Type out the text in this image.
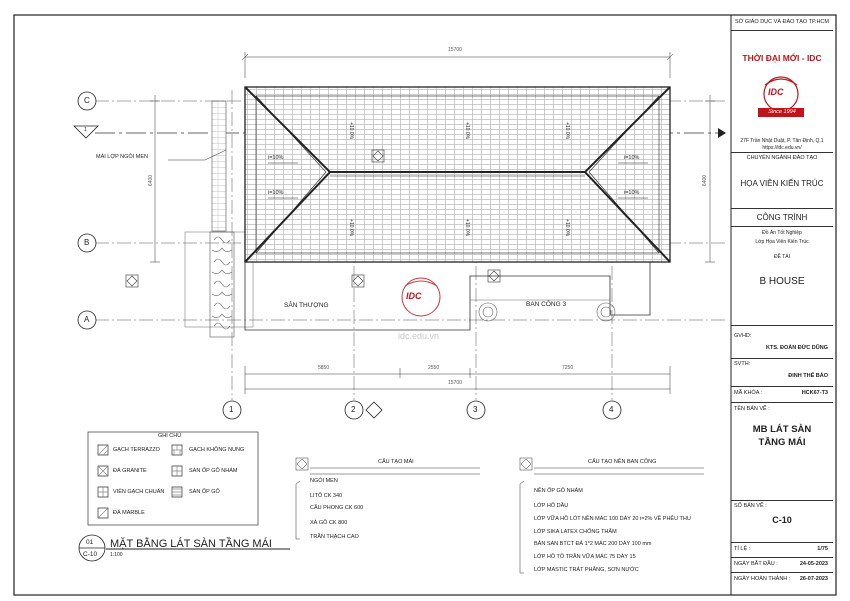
15700
5850	2550	7250
15700
6400	6400
C
B
A
1	2	3	4
1
MÁI LỢP NGÓI MEN	i=10%
i=10%
i=10%
i=10%
+10.0%	+10.0%	+10.0%
+10.0%	+10.0%	+10.0%
SÂN THƯỢNG	BAN CÔNG 3
idc.edu.vn
IDC
GHI CHÚ
GẠCH TERRAZZO	GẠCH KHÔNG NUNG
ĐÁ GRANITE	SÀN ỐP GỖ NHÁM
VIÊN GẠCH CHUẨN	SÀN ỐP GỖ
ĐÁ MARBLE
01
C-10
MẶT BẰNG LÁT SÀN TẦNG MÁI
1:100
CẤU TẠO MÁI
NGÓI MEN
LITÔ CK 340
CẦU PHONG CK 600
XÀ GỒ CK 800
TRẦN THẠCH CAO
CẤU TẠO NỀN BAN CÔNG
NỀN ỐP GỖ NHÁM
LỚP HỒ DẦU
LỚP VỮA HỒ LÓT NỀN MÁC 100 DÀY 20 i=2% VỀ PHỄU THU
LỚP SIKA LATEX CHỐNG THẤM
BẢN SÀN BTCT ĐÁ 1*2 MÁC 200 DÀY 100 mm
LỚP HỒ TÔ TRẦN VỮA MÁC 75 DÀY 15
LỚP MASTIC TRÁT PHẲNG, SƠN NƯỚC
SỞ GIÁO DỤC VÀ ĐÀO TẠO TP.HCM
THỜI ĐẠI MỚI - IDC
IDC
Since 1994
27F Trần Nhật Duật, P. Tân Định, Q.1
https://idc.edu.vn/
CHUYÊN NGÀNH ĐÀO TẠO
HỌA VIÊN KIẾN TRÚC
CÔNG TRÌNH
Đồ Án Tốt Nghiệp
Lớp Họa Viên Kiến Trúc
ĐỀ TÀI
B HOUSE
GVHD:
KTS. ĐOÀN ĐỨC DŨNG
SVTH:
ĐINH THẾ BẢO
MÃ KHÓA :	HCK67-T3
TÊN BẢN VẼ :
MB LÁT SÀN
TẦNG MÁI
SỐ BẢN VẼ :
C-10
TỈ LỆ :	1/75
NGÀY BẮT ĐẦU :	24-05-2023
NGÀY HOÀN THÀNH : 26-07-2023
